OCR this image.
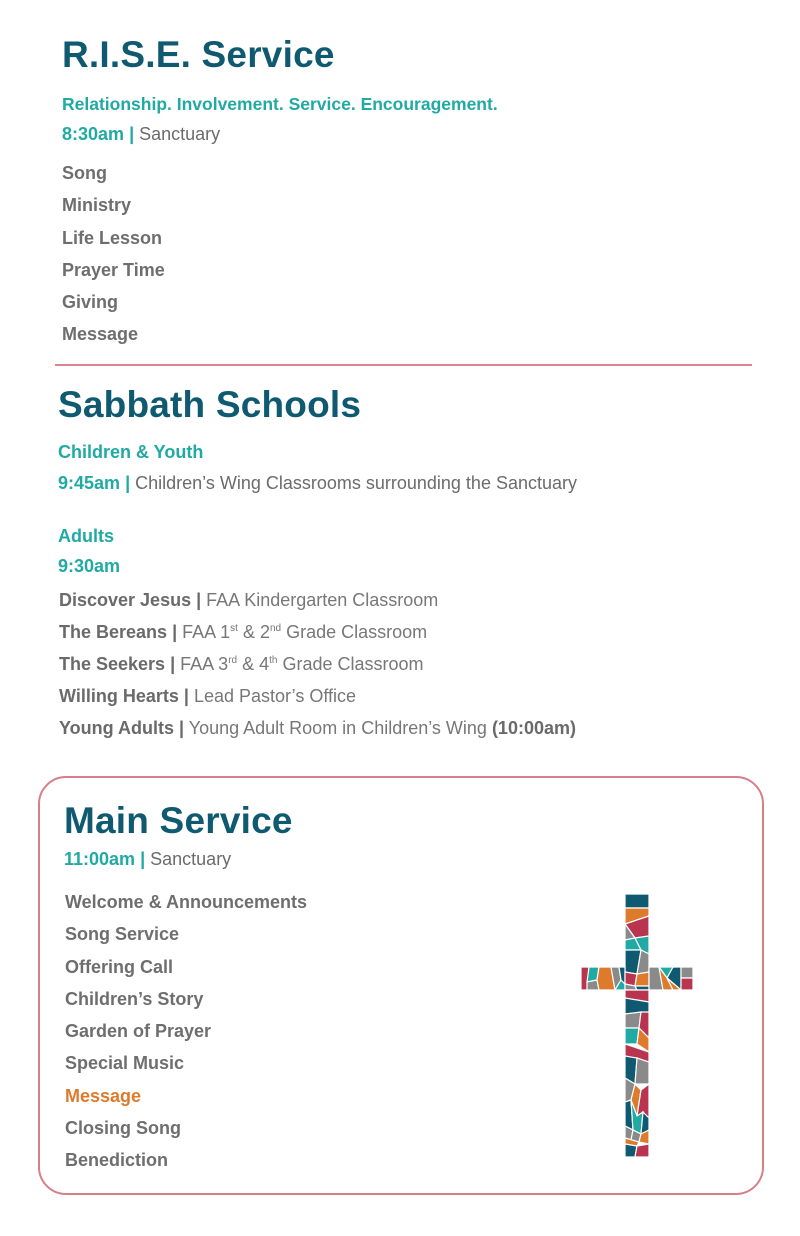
R.I.S.E. Service
Relationship. Involvement. Service. Encouragement.
8:30am | Sanctuary
Song
Ministry
Life Lesson
Prayer Time
Giving
Message
Sabbath Schools
Children & Youth
9:45am | Children’s Wing Classrooms surrounding the Sanctuary
Adults
9:30am
Discover Jesus | FAA Kindergarten Classroom
The Bereans | FAA 1st & 2nd Grade Classroom
The Seekers | FAA 3rd & 4th Grade Classroom
Willing Hearts | Lead Pastor’s Office
Young Adults | Young Adult Room in Children’s Wing (10:00am)
Main Service
11:00am | Sanctuary
Welcome & Announcements
Song Service
Offering Call
Children’s Story
Garden of Prayer
Special Music
Message
Closing Song
Benediction
